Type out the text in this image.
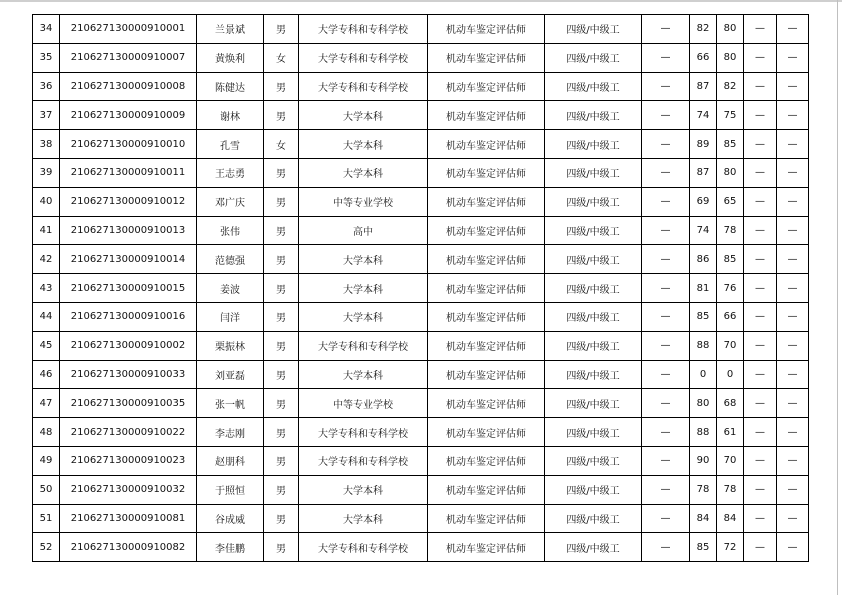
34	210627130000910001	兰景斌	男	大学专科和专科学校	机动车鉴定评估师	四级/中级工	—	82	80	—	—
35	210627130000910007	黄焕利	女	大学专科和专科学校	机动车鉴定评估师	四级/中级工	—	66	80	—	—
36	210627130000910008	陈健达	男	大学专科和专科学校	机动车鉴定评估师	四级/中级工	—	87	82	—	—
37	210627130000910009	谢林	男	大学本科	机动车鉴定评估师	四级/中级工	—	74	75	—	—
38	210627130000910010	孔雪	女	大学本科	机动车鉴定评估师	四级/中级工	—	89	85	—	—
39	210627130000910011	王志勇	男	大学本科	机动车鉴定评估师	四级/中级工	—	87	80	—	—
40	210627130000910012	邓广庆	男	中等专业学校	机动车鉴定评估师	四级/中级工	—	69	65	—	—
41	210627130000910013	张伟	男	高中	机动车鉴定评估师	四级/中级工	—	74	78	—	—
42	210627130000910014	范德强	男	大学本科	机动车鉴定评估师	四级/中级工	—	86	85	—	—
43	210627130000910015	姜波	男	大学本科	机动车鉴定评估师	四级/中级工	—	81	76	—	—
44	210627130000910016	闫洋	男	大学本科	机动车鉴定评估师	四级/中级工	—	85	66	—	—
45	210627130000910002	栗振林	男	大学专科和专科学校	机动车鉴定评估师	四级/中级工	—	88	70	—	—
46	210627130000910033	刘亚磊	男	大学本科	机动车鉴定评估师	四级/中级工	—	0	0	—	—
47	210627130000910035	张一帆	男	中等专业学校	机动车鉴定评估师	四级/中级工	—	80	68	—	—
48	210627130000910022	李志刚	男	大学专科和专科学校	机动车鉴定评估师	四级/中级工	—	88	61	—	—
49	210627130000910023	赵朋科	男	大学专科和专科学校	机动车鉴定评估师	四级/中级工	—	90	70	—	—
50	210627130000910032	于照恒	男	大学本科	机动车鉴定评估师	四级/中级工	—	78	78	—	—
51	210627130000910081	谷成威	男	大学本科	机动车鉴定评估师	四级/中级工	—	84	84	—	—
52	210627130000910082	李佳鹏	男	大学专科和专科学校	机动车鉴定评估师	四级/中级工	—	85	72	—	—
